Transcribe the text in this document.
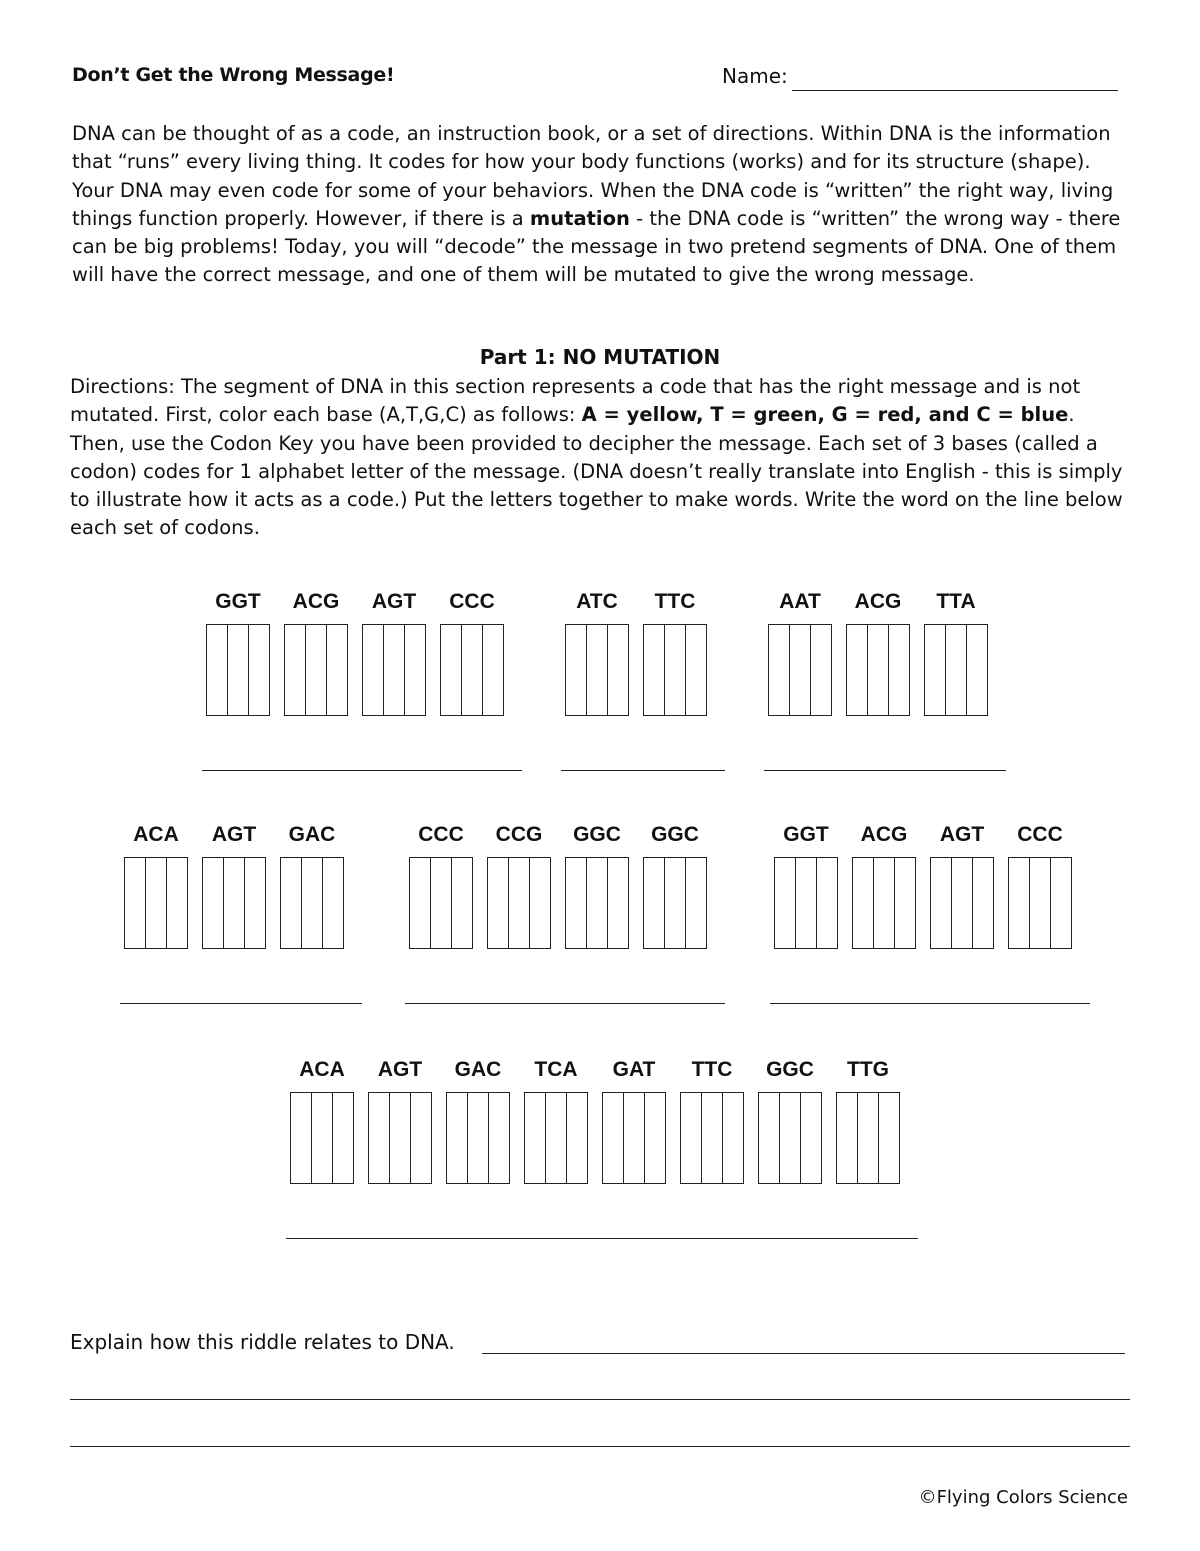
Don’t Get the Wrong Message!	Name:
DNA can be thought of as a code, an instruction book, or a set of directions. Within DNA is the information that “runs” every living thing. It codes for how your body functions (works) and for its structure (shape). Your DNA may even code for some of your behaviors. When the DNA code is “written” the right way, living things function properly. However, if there is a mutation - the DNA code is “written” the wrong way - there can be big problems! Today, you will “decode” the message in two pretend segments of DNA. One of them will have the correct message, and one of them will be mutated to give the wrong message.
Part 1: NO MUTATION
Directions: The segment of DNA in this section represents a code that has the right message and is not mutated. First, color each base (A,T,G,C) as follows: A = yellow, T = green, G = red, and C = blue. Then, use the Codon Key you have been provided to decipher the message. Each set of 3 bases (called a codon) codes for 1 alphabet letter of the message. (DNA doesn’t really translate into English - this is simply to illustrate how it acts as a code.) Put the letters together to make words. Write the word on the line below each set of codons.
GGT	ACG	AGT	CCC	ATC	TTC	AAT	ACG	TTA
ACA	AGT	GAC	CCC	CCG	GGC	GGC	GGT	ACG	AGT	CCC
ACA	AGT	GAC	TCA	GAT	TTC	GGC	TTG
Explain how this riddle relates to DNA.
©Flying Colors Science
